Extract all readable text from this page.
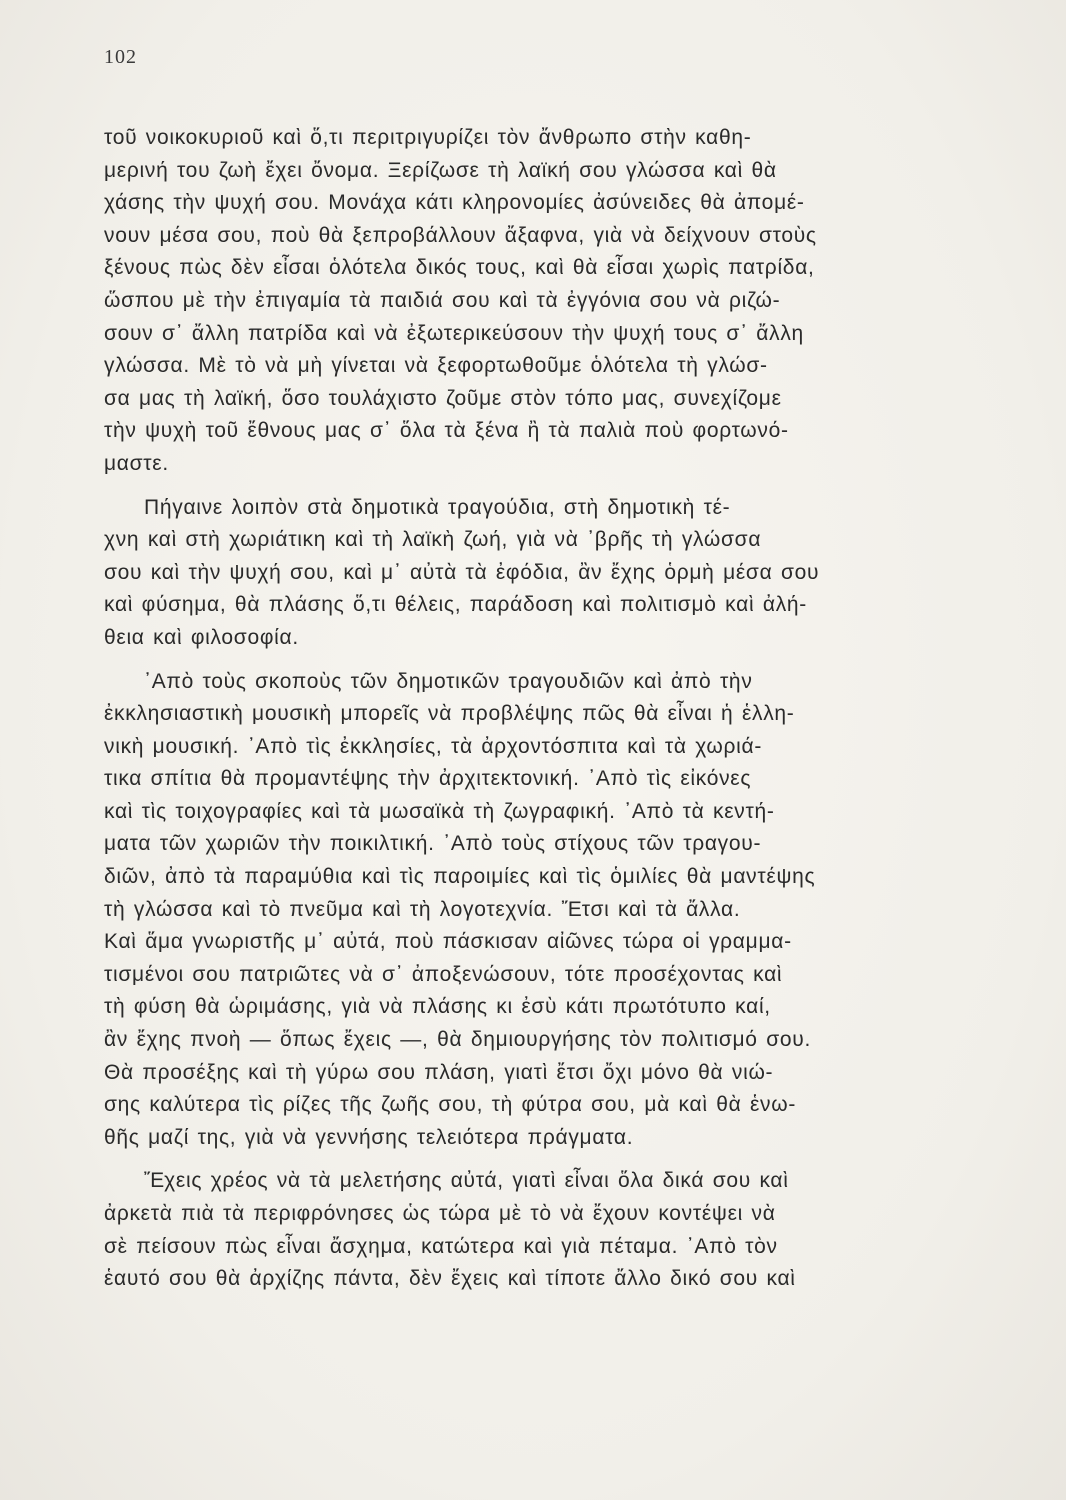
102
τοῦ νοικοκυριοῦ καὶ ὅ,τι περιτριγυρίζει τὸν ἄνθρωπο στὴν καθη-
μερινή του ζωὴ ἔχει ὄνομα. Ξερίζωσε τὴ λαϊκή σου γλώσσα καὶ θὰ
χάσης τὴν ψυχή σου. Μονάχα κάτι κληρονομίες ἀσύνειδες θὰ ἀπομέ-
νουν μέσα σου, ποὺ θὰ ξεπροβάλλουν ἄξαφνα, γιὰ νὰ δείχνουν στοὺς
ξένους πὼς δὲν εἶσαι ὁλότελα δικός τους, καὶ θὰ εἶσαι χωρὶς πατρίδα,
ὥσπου μὲ τὴν ἐπιγαμία τὰ παιδιά σου καὶ τὰ ἐγγόνια σου νὰ ριζώ-
σουν σ᾽ ἄλλη πατρίδα καὶ νὰ ἐξωτερικεύσουν τὴν ψυχή τους σ᾽ ἄλλη
γλώσσα. Μὲ τὸ νὰ μὴ γίνεται νὰ ξεφορτωθοῦμε ὁλότελα τὴ γλώσ-
σα μας τὴ λαϊκή, ὅσο τουλάχιστο ζοῦμε στὸν τόπο μας, συνεχίζομε
τὴν ψυχὴ τοῦ ἔθνους μας σ᾽ ὅλα τὰ ξένα ἢ τὰ παλιὰ ποὺ φορτωνό-
μαστε.
Πήγαινε λοιπὸν στὰ δημοτικὰ τραγούδια, στὴ δημοτικὴ τέ-
χνη καὶ στὴ χωριάτικη καὶ τὴ λαϊκὴ ζωή, γιὰ νὰ ᾽βρῆς τὴ γλώσσα
σου καὶ τὴν ψυχή σου, καὶ μ᾽ αὐτὰ τὰ ἐφόδια, ἂν ἔχης ὁρμὴ μέσα σου
καὶ φύσημα, θὰ πλάσης ὅ,τι θέλεις, παράδοση καὶ πολιτισμὸ καὶ ἀλή-
θεια καὶ φιλοσοφία.
᾽Απὸ τοὺς σκοποὺς τῶν δημοτικῶν τραγουδιῶν καὶ ἀπὸ τὴν
ἐκκλησιαστικὴ μουσικὴ μπορεῖς νὰ προβλέψης πῶς θὰ εἶναι ἡ ἑλλη-
νικὴ μουσική. ᾽Απὸ τὶς ἐκκλησίες, τὰ ἀρχοντόσπιτα καὶ τὰ χωριά-
τικα σπίτια θὰ προμαντέψης τὴν ἀρχιτεκτονική. ᾽Απὸ τὶς εἰκόνες
καὶ τὶς τοιχογραφίες καὶ τὰ μωσαϊκὰ τὴ ζωγραφική. ᾽Απὸ τὰ κεντή-
ματα τῶν χωριῶν τὴν ποικιλτική. ᾽Απὸ τοὺς στίχους τῶν τραγου-
διῶν, ἀπὸ τὰ παραμύθια καὶ τὶς παροιμίες καὶ τὶς ὁμιλίες θὰ μαντέψης
τὴ γλώσσα καὶ τὸ πνεῦμα καὶ τὴ λογοτεχνία. Ἔτσι καὶ τὰ ἄλλα.
Καὶ ἅμα γνωριστῆς μ᾽ αὐτά, ποὺ πάσκισαν αἰῶνες τώρα οἱ γραμμα-
τισμένοι σου πατριῶτες νὰ σ᾽ ἀποξενώσουν, τότε προσέχοντας καὶ
τὴ φύση θὰ ὡριμάσης, γιὰ νὰ πλάσης κι ἐσὺ κάτι πρωτότυπο καί,
ἂν ἔχης πνοὴ — ὅπως ἔχεις —, θὰ δημιουργήσης τὸν πολιτισμό σου.
Θὰ προσέξης καὶ τὴ γύρω σου πλάση, γιατὶ ἔτσι ὄχι μόνο θὰ νιώ-
σης καλύτερα τὶς ρίζες τῆς ζωῆς σου, τὴ φύτρα σου, μὰ καὶ θὰ ἑνω-
θῆς μαζί της, γιὰ νὰ γεννήσης τελειότερα πράγματα.
Ἔχεις χρέος νὰ τὰ μελετήσης αὐτά, γιατὶ εἶναι ὅλα δικά σου καὶ
ἀρκετὰ πιὰ τὰ περιφρόνησες ὡς τώρα μὲ τὸ νὰ ἔχουν κοντέψει νὰ
σὲ πείσουν πὼς εἶναι ἄσχημα, κατώτερα καὶ γιὰ πέταμα. ᾽Απὸ τὸν
ἑαυτό σου θὰ ἀρχίζης πάντα, δὲν ἔχεις καὶ τίποτε ἄλλο δικό σου καὶ
